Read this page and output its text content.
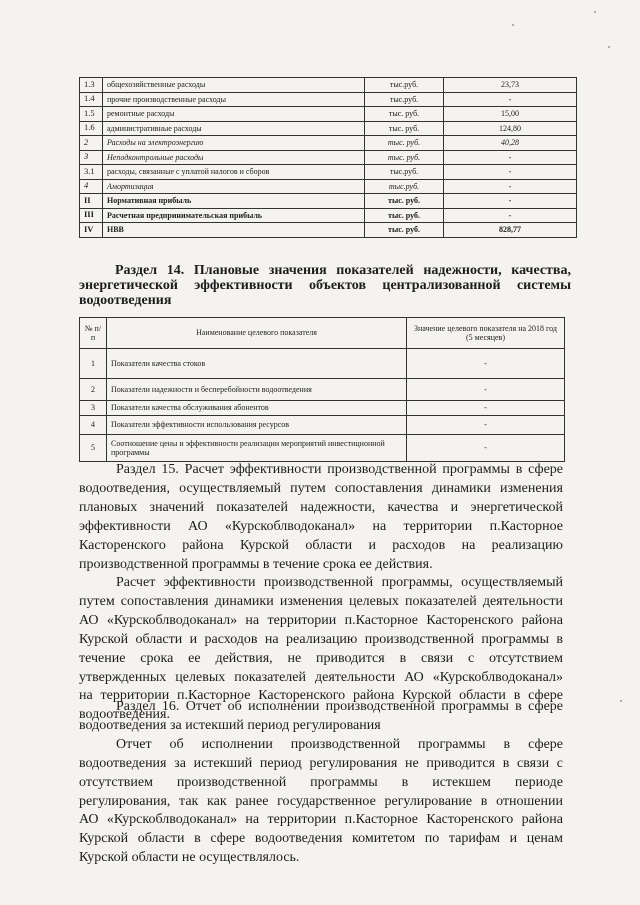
1.3	общехозяйственные расходы	тыс.руб.	23,73
1.4	прочие производственные расходы	тыс.руб.	-
1.5	ремонтные расходы	тыс. руб.	15,00
1.6	административные расходы	тыс. руб.	124,80
2	Расходы на электроэнергию	тыс. руб.	40,28
3	Неподконтрольные расходы	тыс. руб.	-
3.1	расходы, связанные с уплатой налогов и сборов	тыс.руб.	-
4	Амортизация	тыс.руб.	-
II	Нормативная прибыль	тыс. руб.	-
III	Расчетная предпринимательская прибыль	тыс. руб.	-
IV	НВВ	тыс. руб.	828,77
Раздел 14. Плановые значения показателей надежности, качества,
энергетической эффективности объектов централизованной системы
водоотведения
№ п/п	Наименование целевого показателя	Значение целевого показателя на 2018 год (5 месяцев)
1	Показатели качества стоков	-
2	Показатели надежности и бесперебойности водоотведения	-
3	Показатели качества обслуживания абонентов	-
4	Показатели эффективности использования ресурсов	-
5	Соотношение цены и эффективности реализации мероприятий инвестиционной программы	-
Раздел 15. Расчет эффективности производственной программы в сфере
водоотведения, осуществляемый путем сопоставления динамики изменения
плановых значений показателей надежности, качества и энергетической
эффективности АО «Курскоблводоканал» на территории п.Касторное
Касторенского района Курской области и расходов на реализацию
производственной программы в течение срока ее действия.
Расчет эффективности производственной программы, осуществляемый
путем сопоставления динамики изменения целевых показателей деятельности
АО «Курскоблводоканал» на территории п.Касторное Касторенского района
Курской области и расходов на реализацию производственной программы в
течение срока ее действия, не приводится в связи с отсутствием
утвержденных целевых показателей деятельности АО «Курскоблводоканал»
на территории п.Касторное Касторенского района Курской области в сфере
водоотведения.
Раздел 16. Отчет об исполнении производственной программы в сфере
водоотведения за истекший период регулирования
Отчет об исполнении производственной программы в сфере
водоотведения за истекший период регулирования не приводится в связи с
отсутствием производственной программы в истекшем периоде
регулирования, так как ранее государственное регулирование в отношении
АО «Курскоблводоканал» на территории п.Касторное Касторенского района
Курской области в сфере водоотведения комитетом по тарифам и ценам
Курской области не осуществлялось.
